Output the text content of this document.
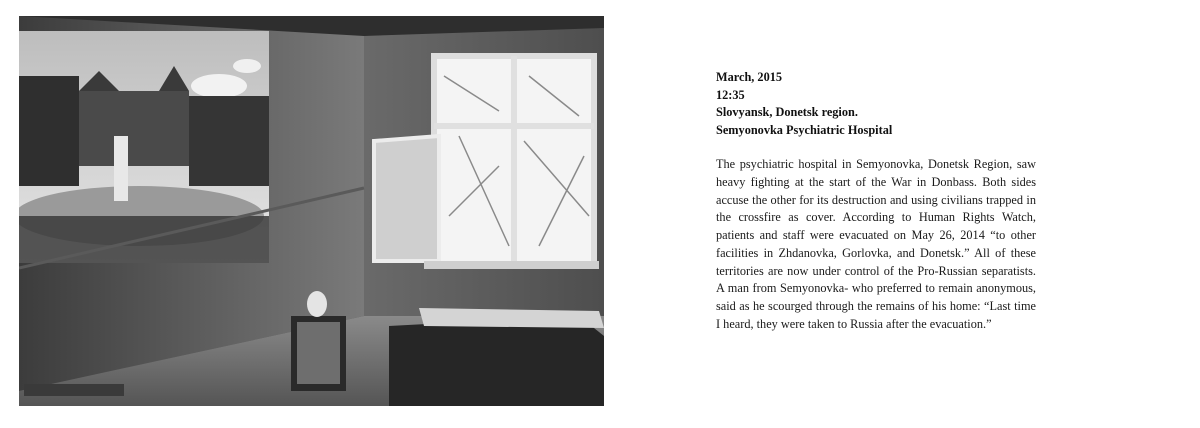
March, 2015
12:35
Slovyansk, Donetsk region.
Semyonovka Psychiatric Hospital
The psychiatric hospital in Semyonovka, Donetsk Region, saw heavy fighting at the start of the War in Donbass. Both sides accuse the other for its destruction and using civilians trapped in the crossfire as cover. According to Human Rights Watch, patients and staff were evacuated on May 26, 2014 “to other facilities in Zhdanovka, Gorlovka, and Donetsk.” All of these territories are now under control of the Pro-Russian separatists. A man from Semyonovka- who preferred to remain anonymous, said as he scourged through the remains of his home: “Last time I heard, they were taken to Russia after the evacuation.”
